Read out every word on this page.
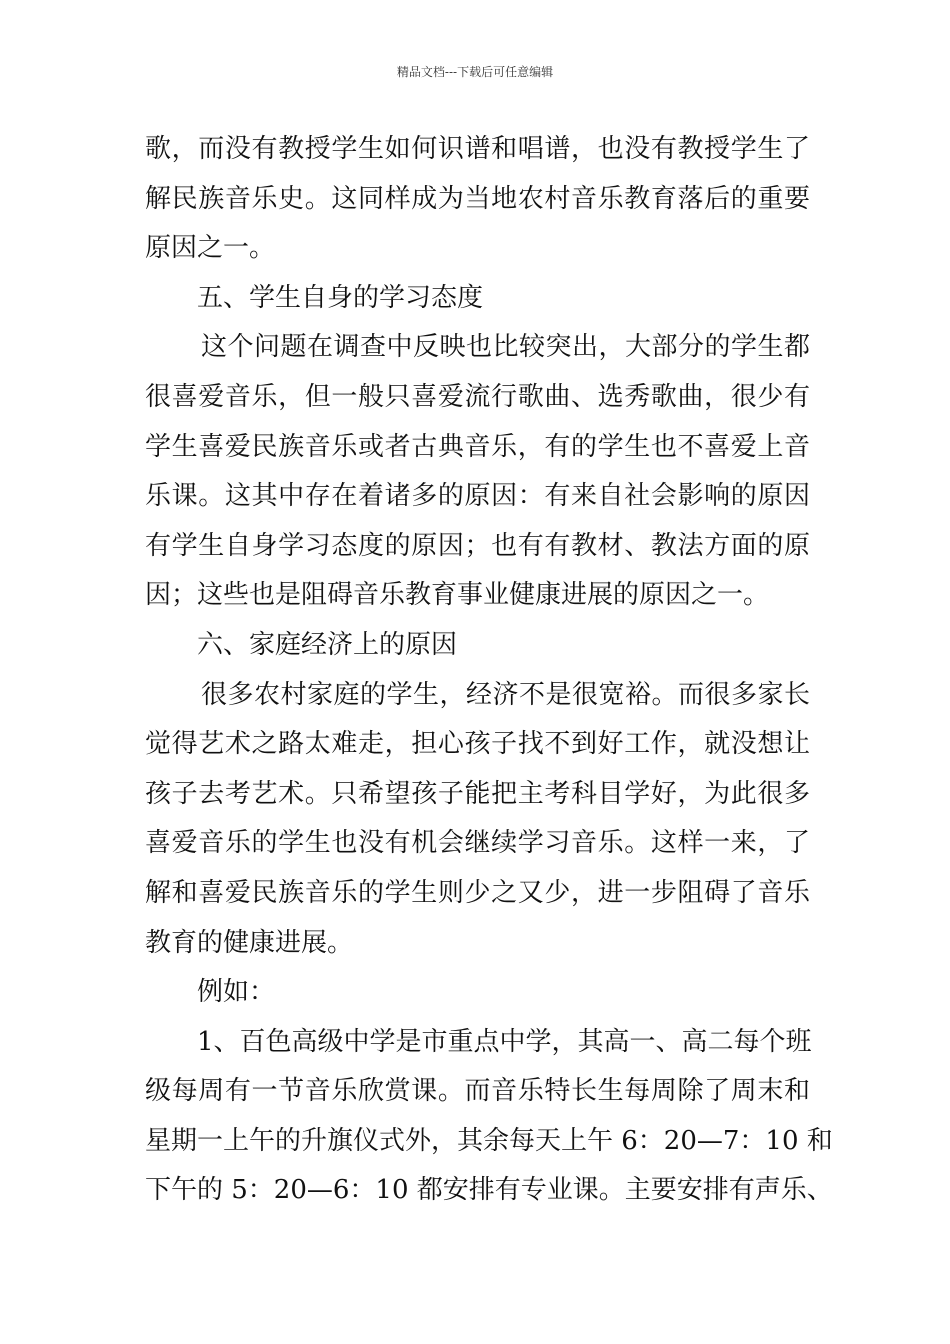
精品文档---下载后可任意编辑
歌，而没有教授学生如何识谱和唱谱，也没有教授学生了
解民族音乐史。这同样成为当地农村音乐教育落后的重要
原因之一。
五、学生自身的学习态度
这个问题在调查中反映也比较突出，大部分的学生都
很喜爱音乐，但一般只喜爱流行歌曲、选秀歌曲，很少有
学生喜爱民族音乐或者古典音乐，有的学生也不喜爱上音
乐课。这其中存在着诸多的原因：有来自社会影响的原因
有学生自身学习态度的原因；也有有教材、教法方面的原
因；这些也是阻碍音乐教育事业健康进展的原因之一。
六、家庭经济上的原因
很多农村家庭的学生，经济不是很宽裕。而很多家长
觉得艺术之路太难走，担心孩子找不到好工作，就没想让
孩子去考艺术。只希望孩子能把主考科目学好，为此很多
喜爱音乐的学生也没有机会继续学习音乐。这样一来，了
解和喜爱民族音乐的学生则少之又少，进一步阻碍了音乐
教育的健康进展。
例如：
1、百色高级中学是市重点中学，其高一、高二每个班
级每周有一节音乐欣赏课。而音乐特长生每周除了周末和
星期一上午的升旗仪式外，其余每天上午 6：20—7：10 和
下午的 5：20—6：10 都安排有专业课。主要安排有声乐、
